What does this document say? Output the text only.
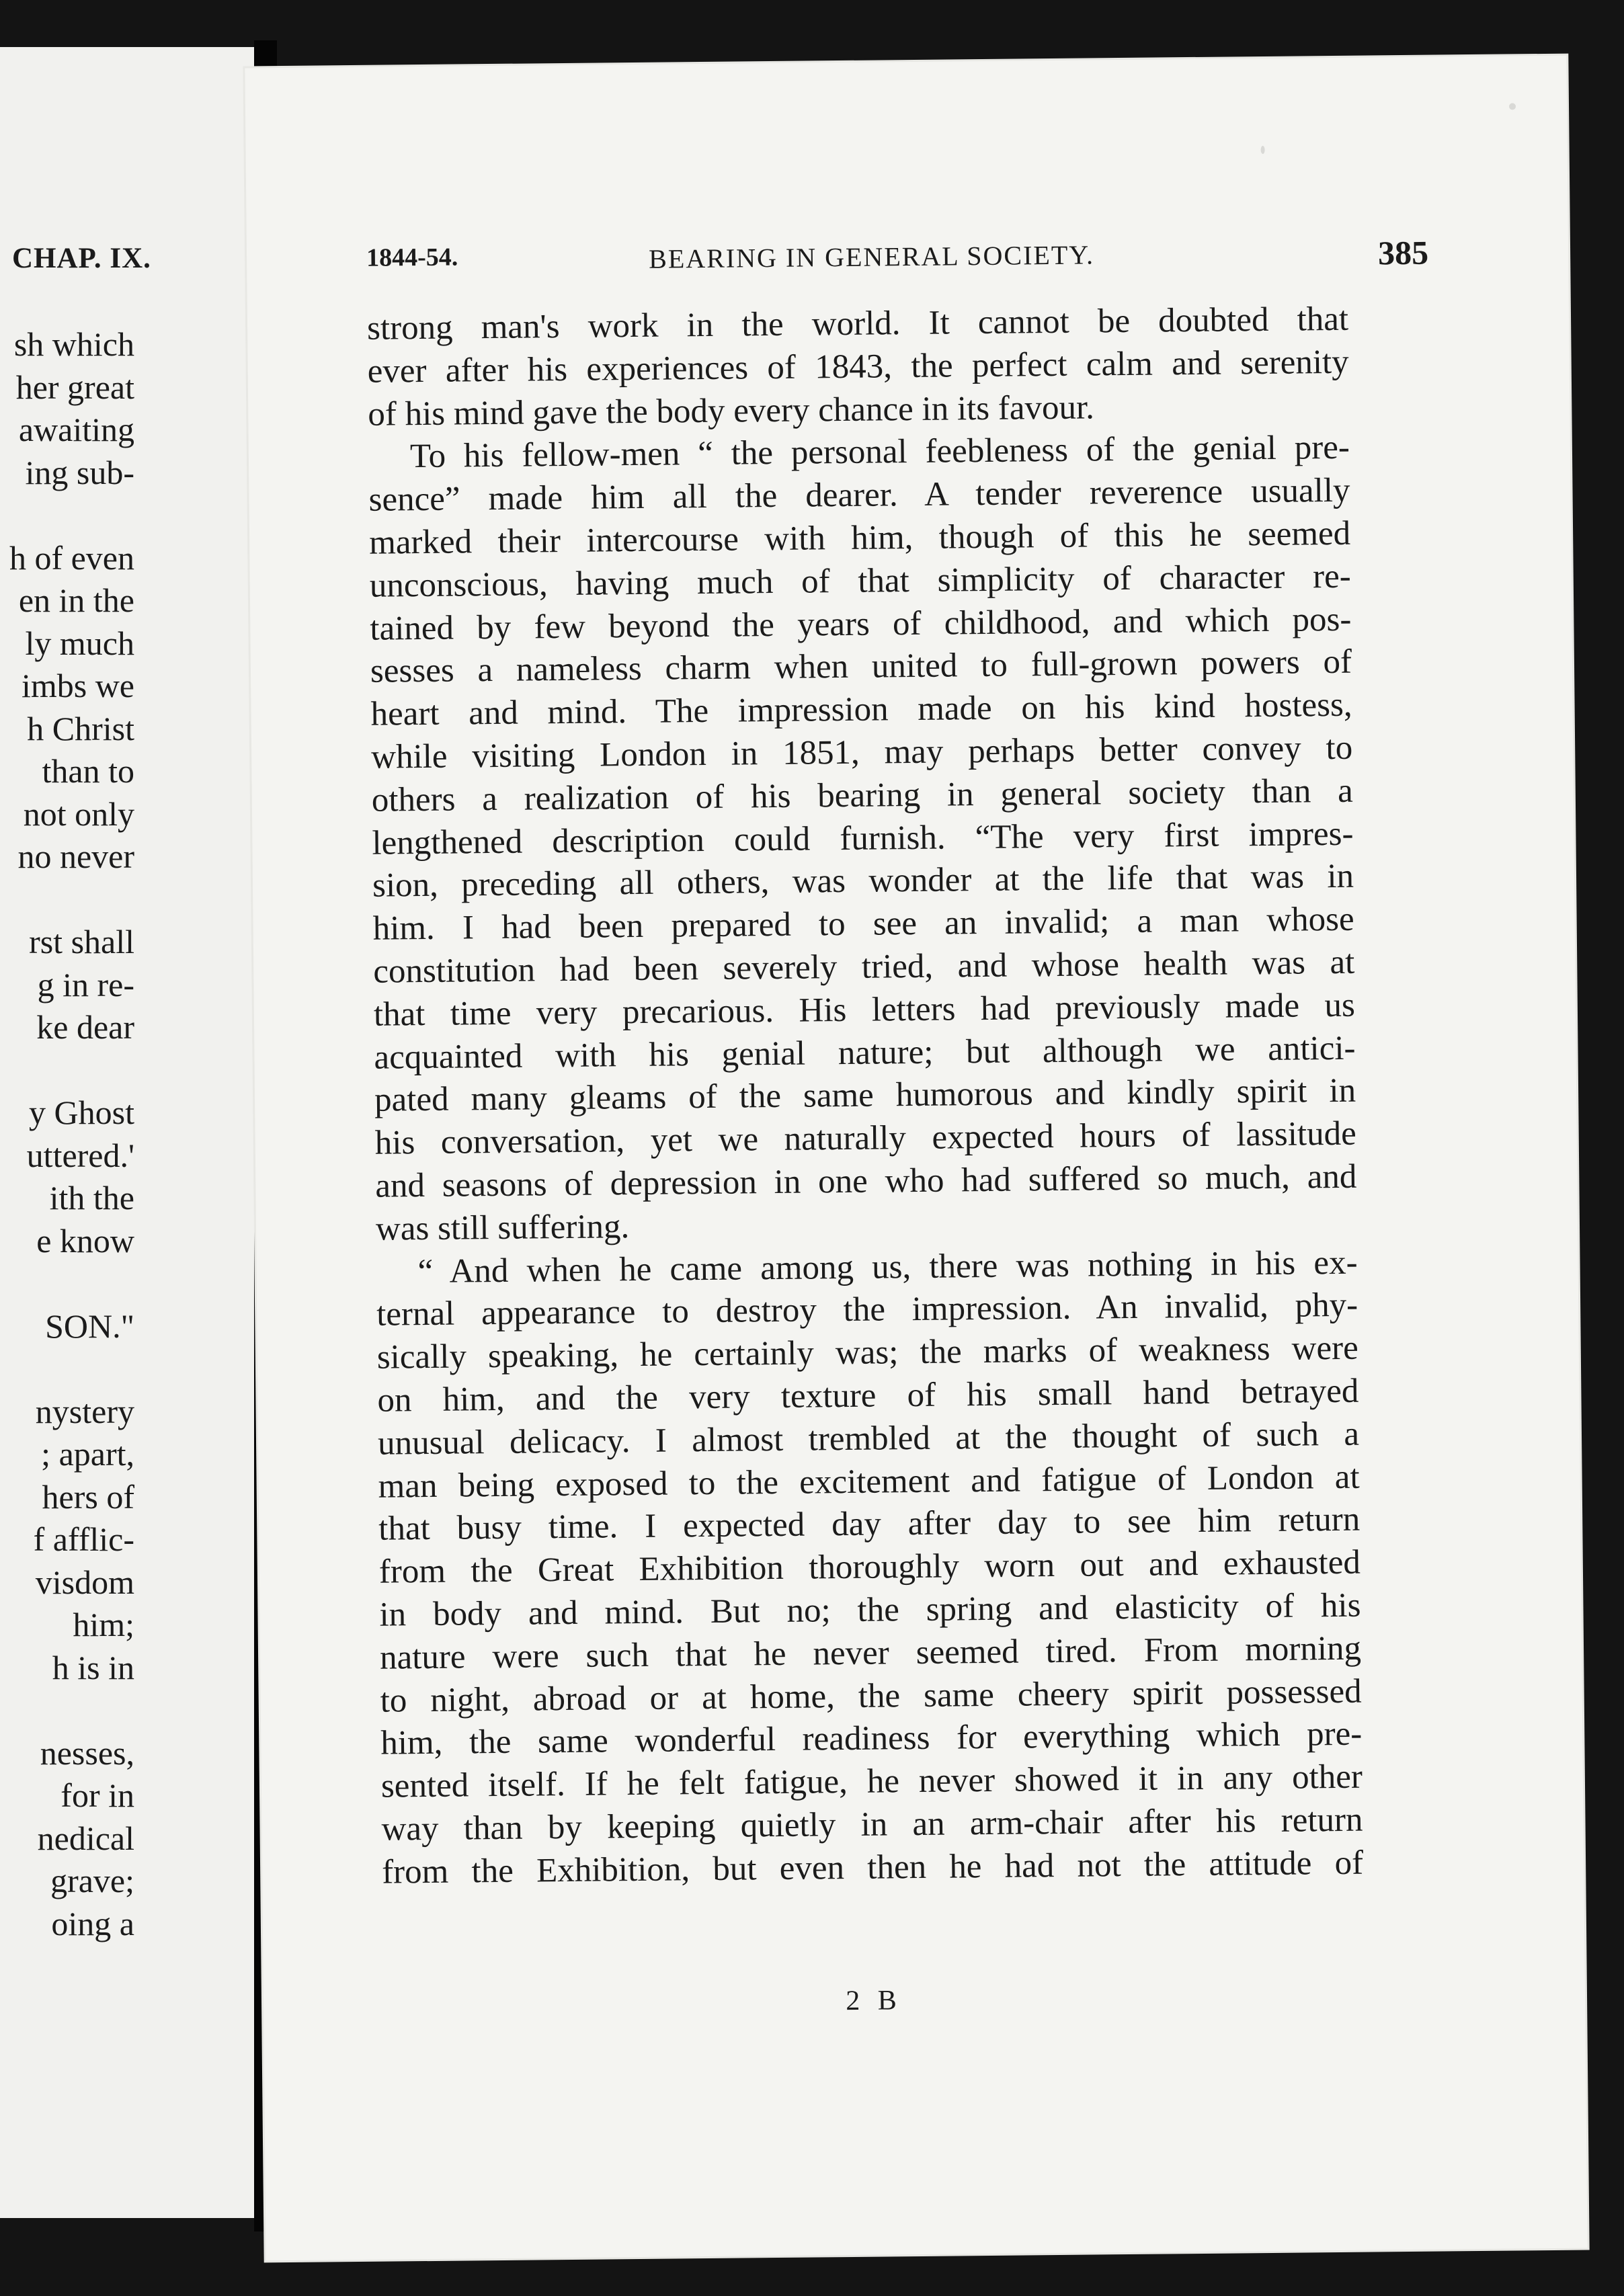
CHAP. IX.
sh which
her great
awaiting
ing sub-
h of even
en in the
ly much
imbs we
h Christ
than to
not only
no never
rst shall
g in re-
ke dear
y Ghost
uttered.'
ith the
e know
SON."
nystery
; apart,
hers of
f afflic-
visdom
him;
h is in
nesses,
for in
nedical
grave;
oing a
1844-54.	BEARING IN GENERAL SOCIETY.	385
strong man's work in the world. It cannot be doubted that
ever after his experiences of 1843, the perfect calm and serenity
of his mind gave the body every chance in its favour.
To his fellow-men “ the personal feebleness of the genial pre-
sence” made him all the dearer. A tender reverence usually
marked their intercourse with him, though of this he seemed
unconscious, having much of that simplicity of character re-
tained by few beyond the years of childhood, and which pos-
sesses a nameless charm when united to full-grown powers of
heart and mind. The impression made on his kind hostess,
while visiting London in 1851, may perhaps better convey to
others a realization of his bearing in general society than a
lengthened description could furnish. “The very first impres-
sion, preceding all others, was wonder at the life that was in
him. I had been prepared to see an invalid; a man whose
constitution had been severely tried, and whose health was at
that time very precarious. His letters had previously made us
acquainted with his genial nature; but although we antici-
pated many gleams of the same humorous and kindly spirit in
his conversation, yet we naturally expected hours of lassitude
and seasons of depression in one who had suffered so much, and
was still suffering.
“ And when he came among us, there was nothing in his ex-
ternal appearance to destroy the impression. An invalid, phy-
sically speaking, he certainly was; the marks of weakness were
on him, and the very texture of his small hand betrayed
unusual delicacy. I almost trembled at the thought of such a
man being exposed to the excitement and fatigue of London at
that busy time. I expected day after day to see him return
from the Great Exhibition thoroughly worn out and exhausted
in body and mind. But no; the spring and elasticity of his
nature were such that he never seemed tired. From morning
to night, abroad or at home, the same cheery spirit possessed
him, the same wonderful readiness for everything which pre-
sented itself. If he felt fatigue, he never showed it in any other
way than by keeping quietly in an arm-chair after his return
from the Exhibition, but even then he had not the attitude of
2 B
